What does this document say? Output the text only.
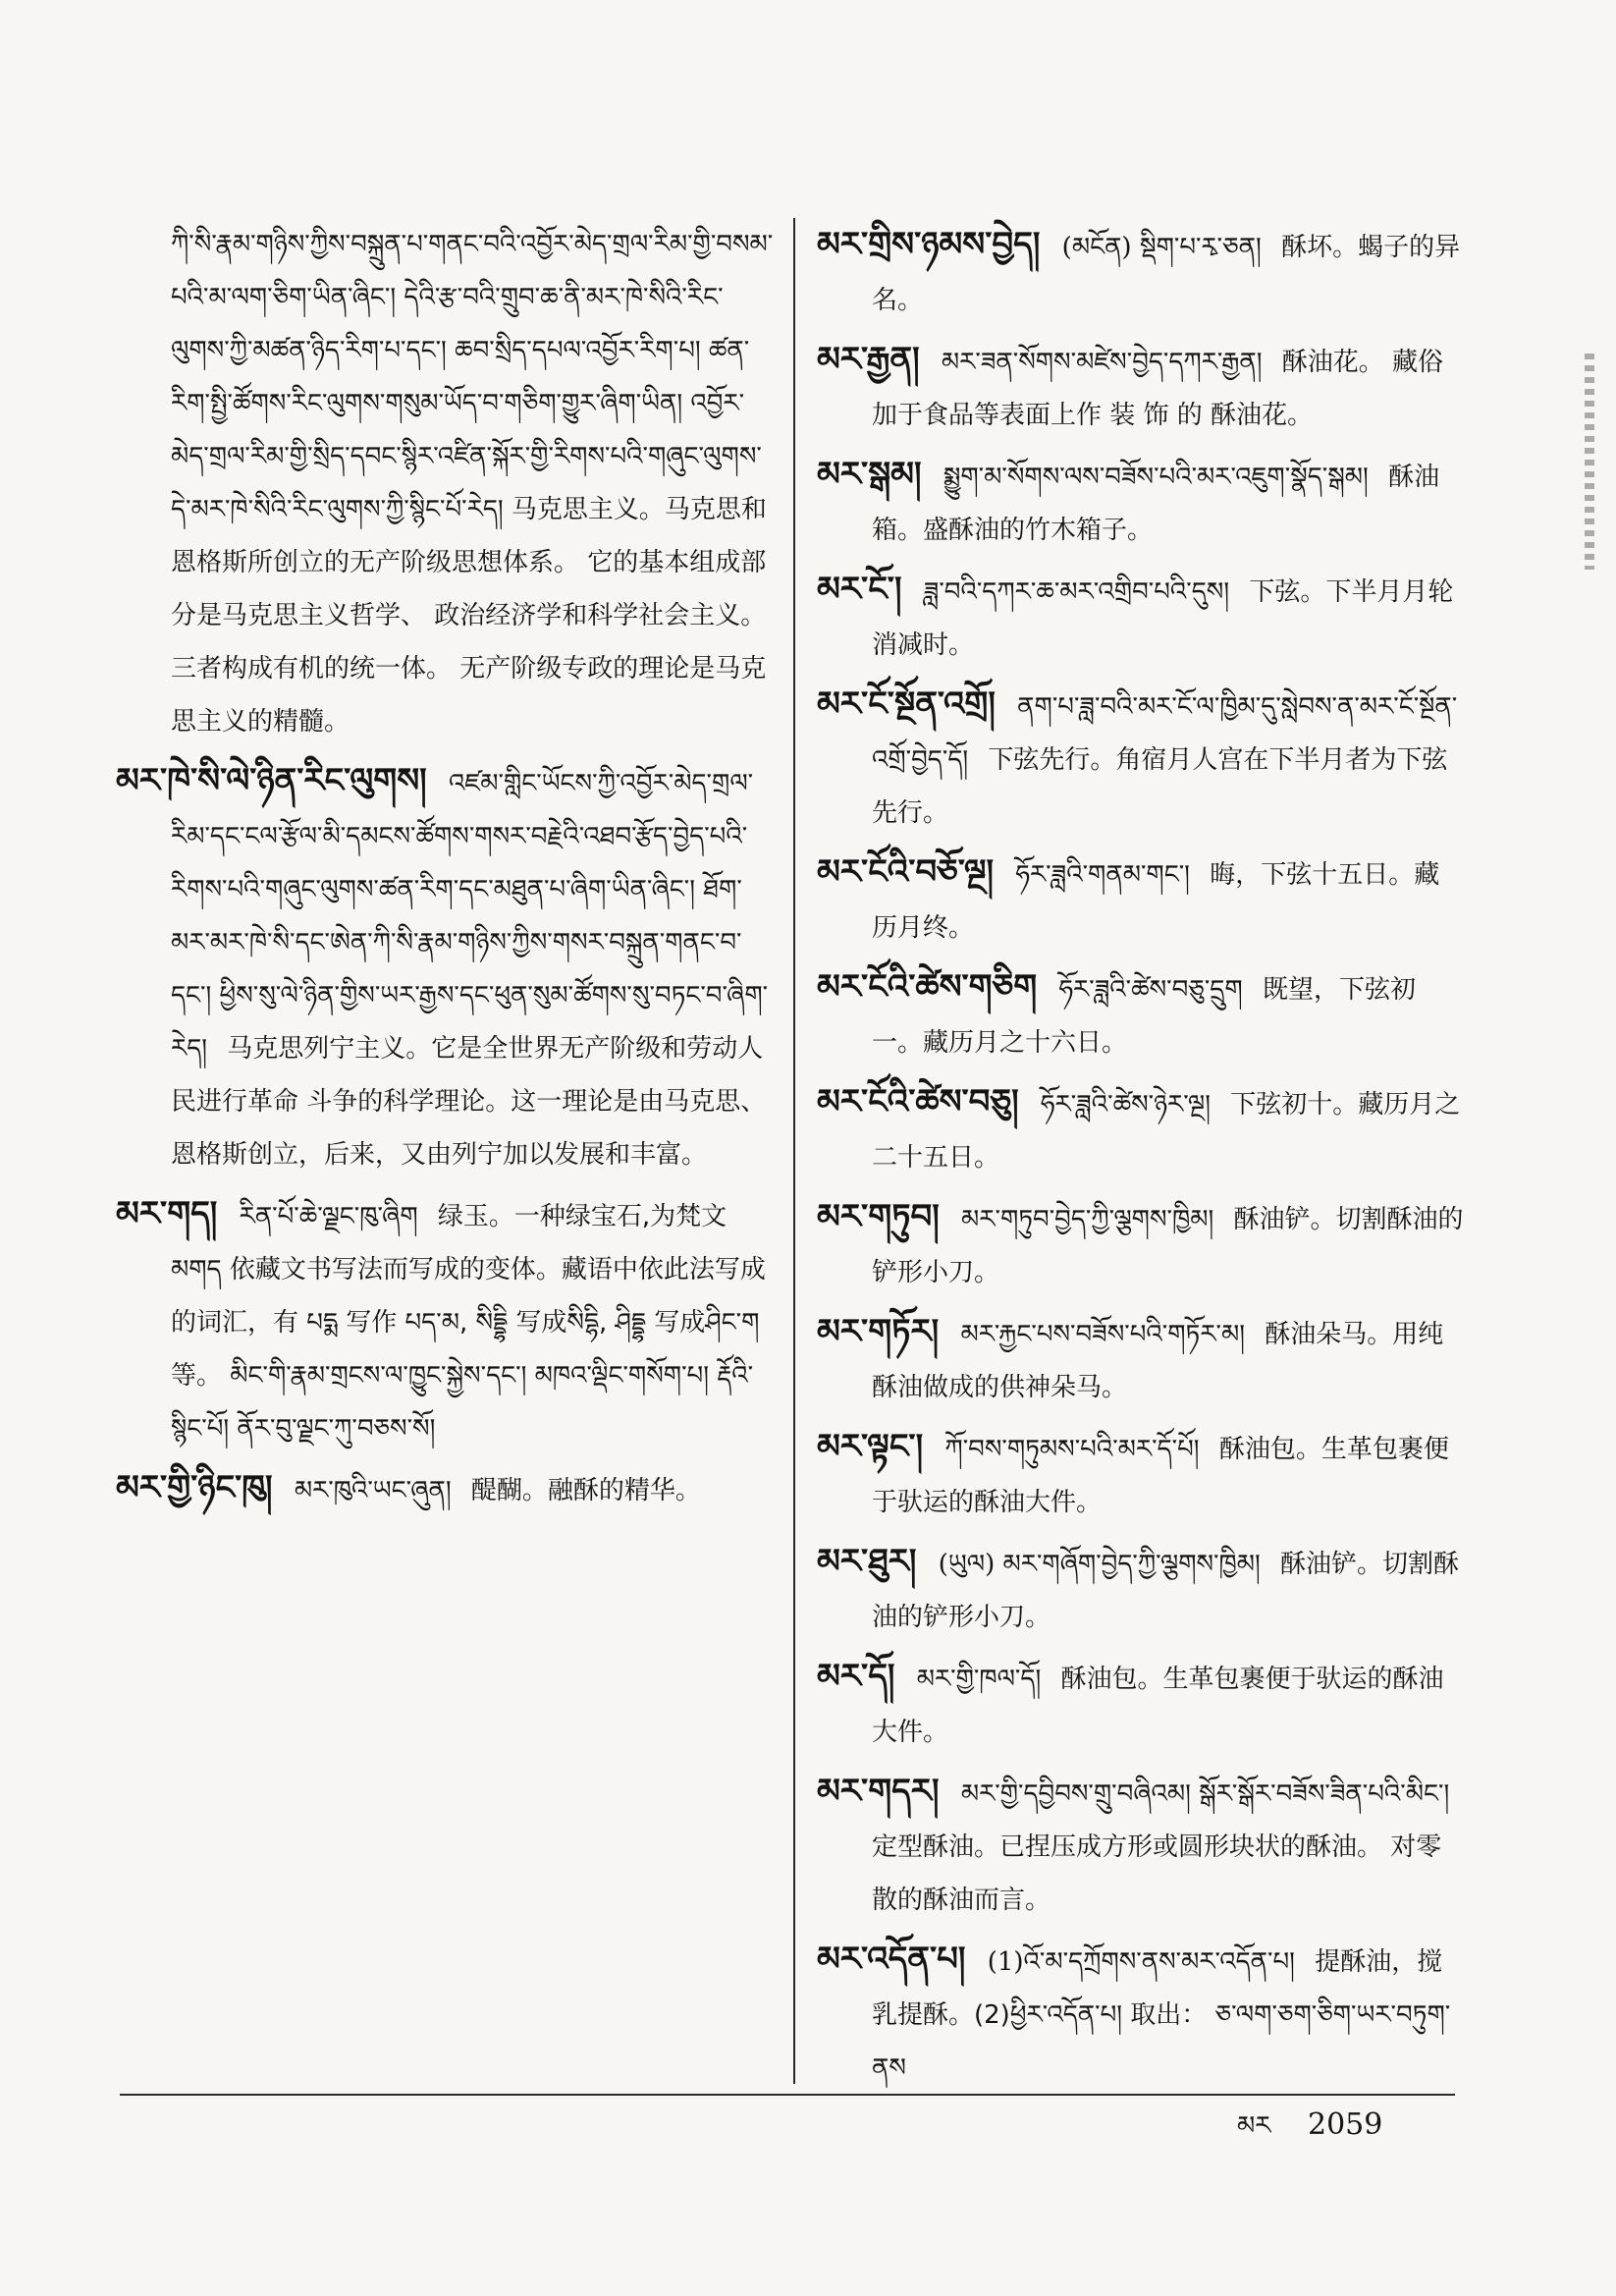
ཀི་སི་རྣམ་གཉིས་ཀྱིས་བསྐྲུན་པ་གནང་བའི་འབྱོར་མེད་གྲལ་རིམ་གྱི་བསམ་པའི་མ་ལག་ཅིག་ཡིན་ཞིང་། དེའི་རྩ་བའི་གྲུབ་ཆ་ནི་མར་ཁེ་སིའི་རིང་ལུགས་ཀྱི་མཚན་ཉིད་རིག་པ་དང་། ཆབ་སྲིད་དཔལ་འབྱོར་རིག་པ། ཚན་རིག་སྤྱི་ཚོགས་རིང་ལུགས་གསུམ་ཡོད་བ་གཅིག་གྱུར་ཞིག་ཡིན། འབྱོར་མེད་གྲལ་རིམ་གྱི་སྲིད་དབང་སྙིར་འཛིན་སྐོར་གྱི་རིགས་པའི་གཞུང་ལུགས་དེ་མར་ཁེ་སིའི་རིང་ལུགས་ཀྱི་སྙིང་པོ་རེད། 马克思主义。马克思和恩格斯所创立的无产阶级思想体系。 它的基本组成部分是马克思主义哲学、 政治经济学和科学社会主义。三者构成有机的统一体。 无产阶级专政的理论是马克思主义的精髓。

མར་ཁེ་སི་ལེ་ཉིན་རིང་ལུགས། འཛམ་གླིང་ཡོངས་ཀྱི་འབྱོར་མེད་གྲལ་རིམ་དང་ངལ་རྩོལ་མི་དམངས་ཚོགས་གསར་བརྗེའི་འཐབ་རྩོད་བྱེད་པའི་རིགས་པའི་གཞུང་ལུགས་ཚན་རིག་དང་མཐུན་པ་ཞིག་ཡིན་ཞིང་། ཐོག་མར་མར་ཁེ་སི་དང་ཨེན་ཀི་སི་རྣམ་གཉིས་ཀྱིས་གསར་བསྐྲུན་གནང་བ་དང་། ཕྱིས་སུ་ལེ་ཉིན་གྱིས་ཡར་རྒྱས་དང་ཕུན་སུམ་ཚོགས་སུ་བཏང་བ་ཞིག་རེད། 马克思列宁主义。它是全世界无产阶级和劳动人民进行革命 斗争的科学理论。这一理论是由马克思、 恩格斯创立，后来，又由列宁加以发展和丰富。

མར་གད། རིན་པོ་ཆེ་ལྗང་ཁུ་ཞིག 绿玉。一种绿宝石,为梵文 མགད 依藏文书写法而写成的变体。藏语中依此法写成的词汇，有 པདྨ 写作 པད་མ, སིདྡྷི 写成སིདྷི, ཤིདྡྷ 写成ཤིང་ག等。 མིང་གི་རྣམ་གྲངས་ལ་ཁྱུང་སྐྱེས་དང་། མཁའ་ལྡིང་གསོག་པ། རྡོའི་སྙིང་པོ། ནོར་བུ་ལྗང་ཀུ་བཅས་སོ།

མར་གྱི་ཉིང་ཁུ། མར་ཁུའི་ཡང་ཞུན། 醍醐。融酥的精华。

མར་གྲིས་ཉམས་བྱེད། (མངོན) སྡིག་པ་རྭ་ཅན། 酥坏。蝎子的异名。

མར་རྒྱན། མར་ཟན་སོགས་མཛེས་བྱེད་དཀར་རྒྱན། 酥油花。 藏俗加于食品等表面上作 装 饰 的 酥油花。

མར་སྒམ། སྨྱུག་མ་སོགས་ལས་བཟོས་པའི་མར་འཇུག་སྣོད་སྒམ། 酥油箱。盛酥油的竹木箱子。

མར་ངོ་། ཟླ་བའི་དཀར་ཆ་མར་འགྲིབ་པའི་དུས། 下弦。下半月月轮消减时。

མར་ངོ་སྔོན་འགྲོ། ནག་པ་ཟླ་བའི་མར་ངོ་ལ་ཁྱིམ་དུ་སླེབས་ན་མར་ངོ་སྔོན་འགྲོ་བྱེད་དོ། 下弦先行。角宿月人宫在下半月者为下弦先行。

མར་ངོའི་བཅོ་ལྔ། ཧོར་ཟླའི་གནམ་གང་། 晦，下弦十五日。藏历月终。

མར་ངོའི་ཚེས་གཅིག ཧོར་ཟླའི་ཚེས་བཅུ་དྲུག 既望，下弦初一。藏历月之十六日。

མར་ངོའི་ཚེས་བཅུ། ཧོར་ཟླའི་ཚེས་ཉེར་ལྔ། 下弦初十。藏历月之二十五日。

མར་གཏུབ། མར་གཏུབ་བྱེད་ཀྱི་ལྕགས་ཁྱིམ། 酥油铲。切割酥油的铲形小刀。

མར་གཏོར། མར་རྐྱང་པས་བཟོས་པའི་གཏོར་མ། 酥油朵马。用纯酥油做成的供神朵马。

མར་ལྟང་། ཀོ་བས་གཏུམས་པའི་མར་དོ་པོ། 酥油包。生革包裹便于驮运的酥油大件。

མར་ཐུར། (ཡུལ) མར་གཞོག་བྱེད་ཀྱི་ལྕགས་ཁྱིམ། 酥油铲。切割酥油的铲形小刀。

མར་དོ། མར་གྱི་ཁལ་དོ། 酥油包。生革包裹便于驮运的酥油大件。

མར་གདར། མར་གྱི་དབྱིབས་གྲུ་བཞིའམ། སྒོར་སྒོར་བཟོས་ཟིན་པའི་མིང་། 定型酥油。已捏压成方形或圆形块状的酥油。 对零散的酥油而言。

མར་འདོན་པ། (1)འོ་མ་དཀྲོགས་ནས་མར་འདོན་པ། 提酥油，搅乳提酥。(2)ཕྱིར་འདོན་པ། 取出： ཅ་ལག་ཅག་ཅིག་ཡར་བཏུག་ནས

མར 2059
